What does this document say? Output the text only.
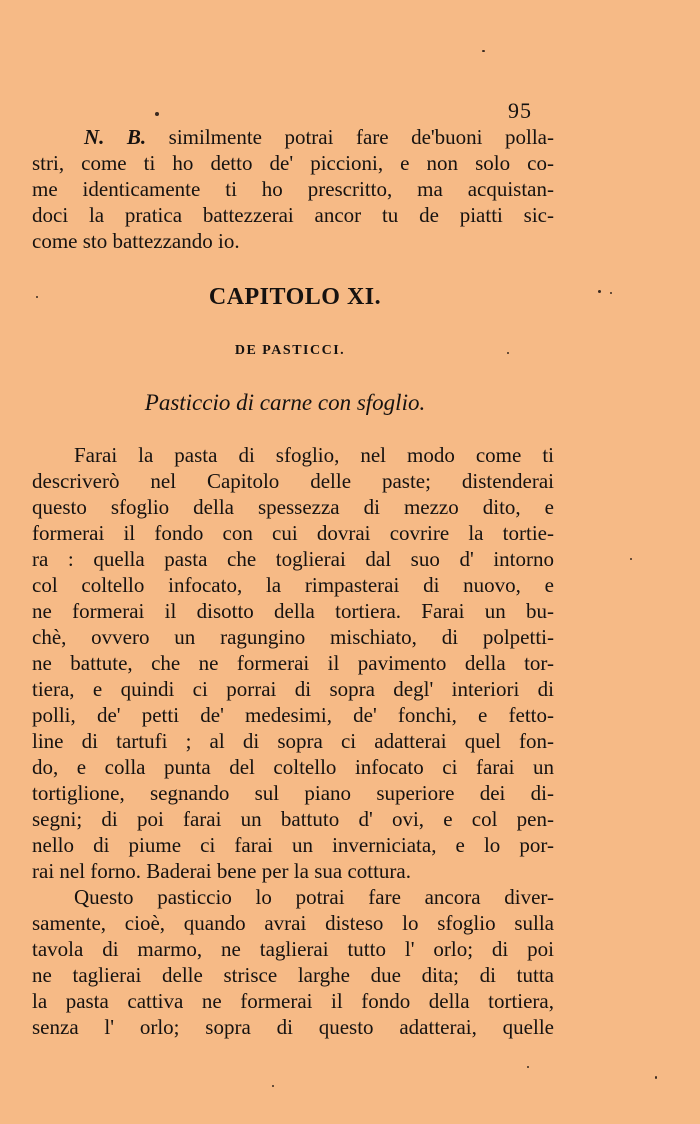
95
N. B. similmente potrai fare de'buoni polla-
stri, come ti ho detto de' piccioni, e non solo co-
me identicamente ti ho prescritto, ma acquistan-
doci la pratica battezzerai ancor tu de piatti sic-
come sto battezzando io.
CAPITOLO XI.
DE PASTICCI.
Pasticcio di carne con sfoglio.
Farai la pasta di sfoglio, nel modo come ti
descriverò nel Capitolo delle paste; distenderai
questo sfoglio della spessezza di mezzo dito, e
formerai il fondo con cui dovrai covrire la tortie-
ra : quella pasta che toglierai dal suo d' intorno
col coltello infocato, la rimpasterai di nuovo, e
ne formerai il disotto della tortiera. Farai un bu-
chè, ovvero un ragungino mischiato, di polpetti-
ne battute, che ne formerai il pavimento della tor-
tiera, e quindi ci porrai di sopra degl' interiori di
polli, de' petti de' medesimi, de' fonchi, e fetto-
line di tartufi ; al di sopra ci adatterai quel fon-
do, e colla punta del coltello infocato ci farai un
tortiglione, segnando sul piano superiore dei di-
segni; di poi farai un battuto d' ovi, e col pen-
nello di piume ci farai un inverniciata, e lo por-
rai nel forno. Baderai bene per la sua cottura.
Questo pasticcio lo potrai fare ancora diver-
samente, cioè, quando avrai disteso lo sfoglio sulla
tavola di marmo, ne taglierai tutto l' orlo; di poi
ne taglierai delle strisce larghe due dita; di tutta
la pasta cattiva ne formerai il fondo della tortiera,
senza l' orlo; sopra di questo adatterai, quelle
